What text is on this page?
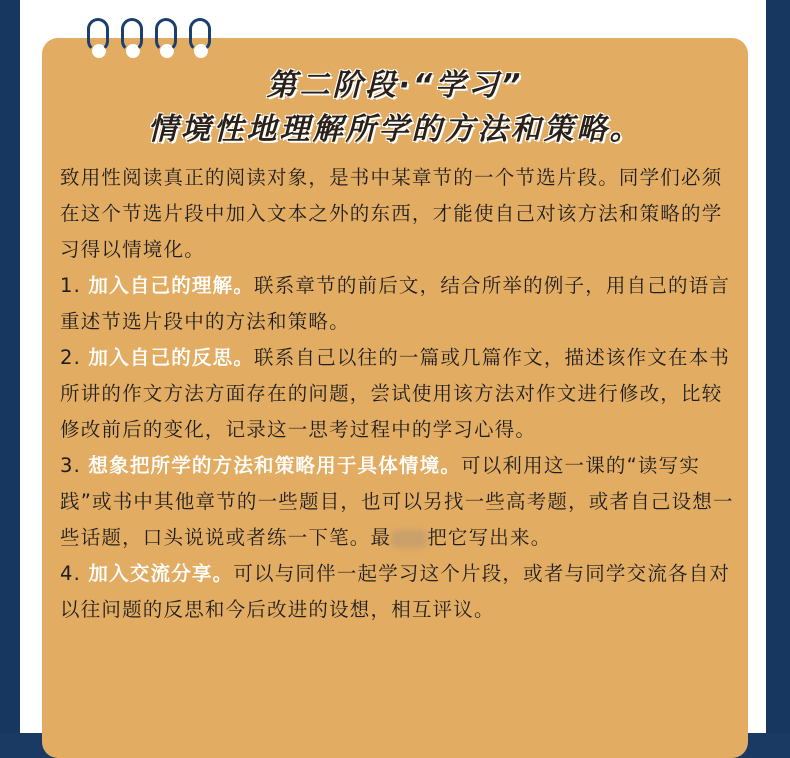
第二阶段·“学习”
情境性地理解所学的方法和策略。

致用性阅读真正的阅读对象，是书中某章节的一个节选片段。同学们必须在这个节选片段中加入文本之外的东西，才能使自己对该方法和策略的学习得以情境化。

1. 加入自己的理解。联系章节的前后文，结合所举的例子，用自己的语言重述节选片段中的方法和策略。

2. 加入自己的反思。联系自己以往的一篇或几篇作文，描述该作文在本书所讲的作文方法方面存在的问题，尝试使用该方法对作文进行修改，比较修改前后的变化，记录这一思考过程中的学习心得。

3. 想象把所学的方法和策略用于具体情境。可以利用这一课的“读写实践”或书中其他章节的一些题目，也可以另找一些高考题，或者自己设想一些话题，口头说说或者练一下笔。最 把它写出来。

4. 加入交流分享。可以与同伴一起学习这个片段，或者与同学交流各自对以往问题的反思和今后改进的设想，相互评议。
